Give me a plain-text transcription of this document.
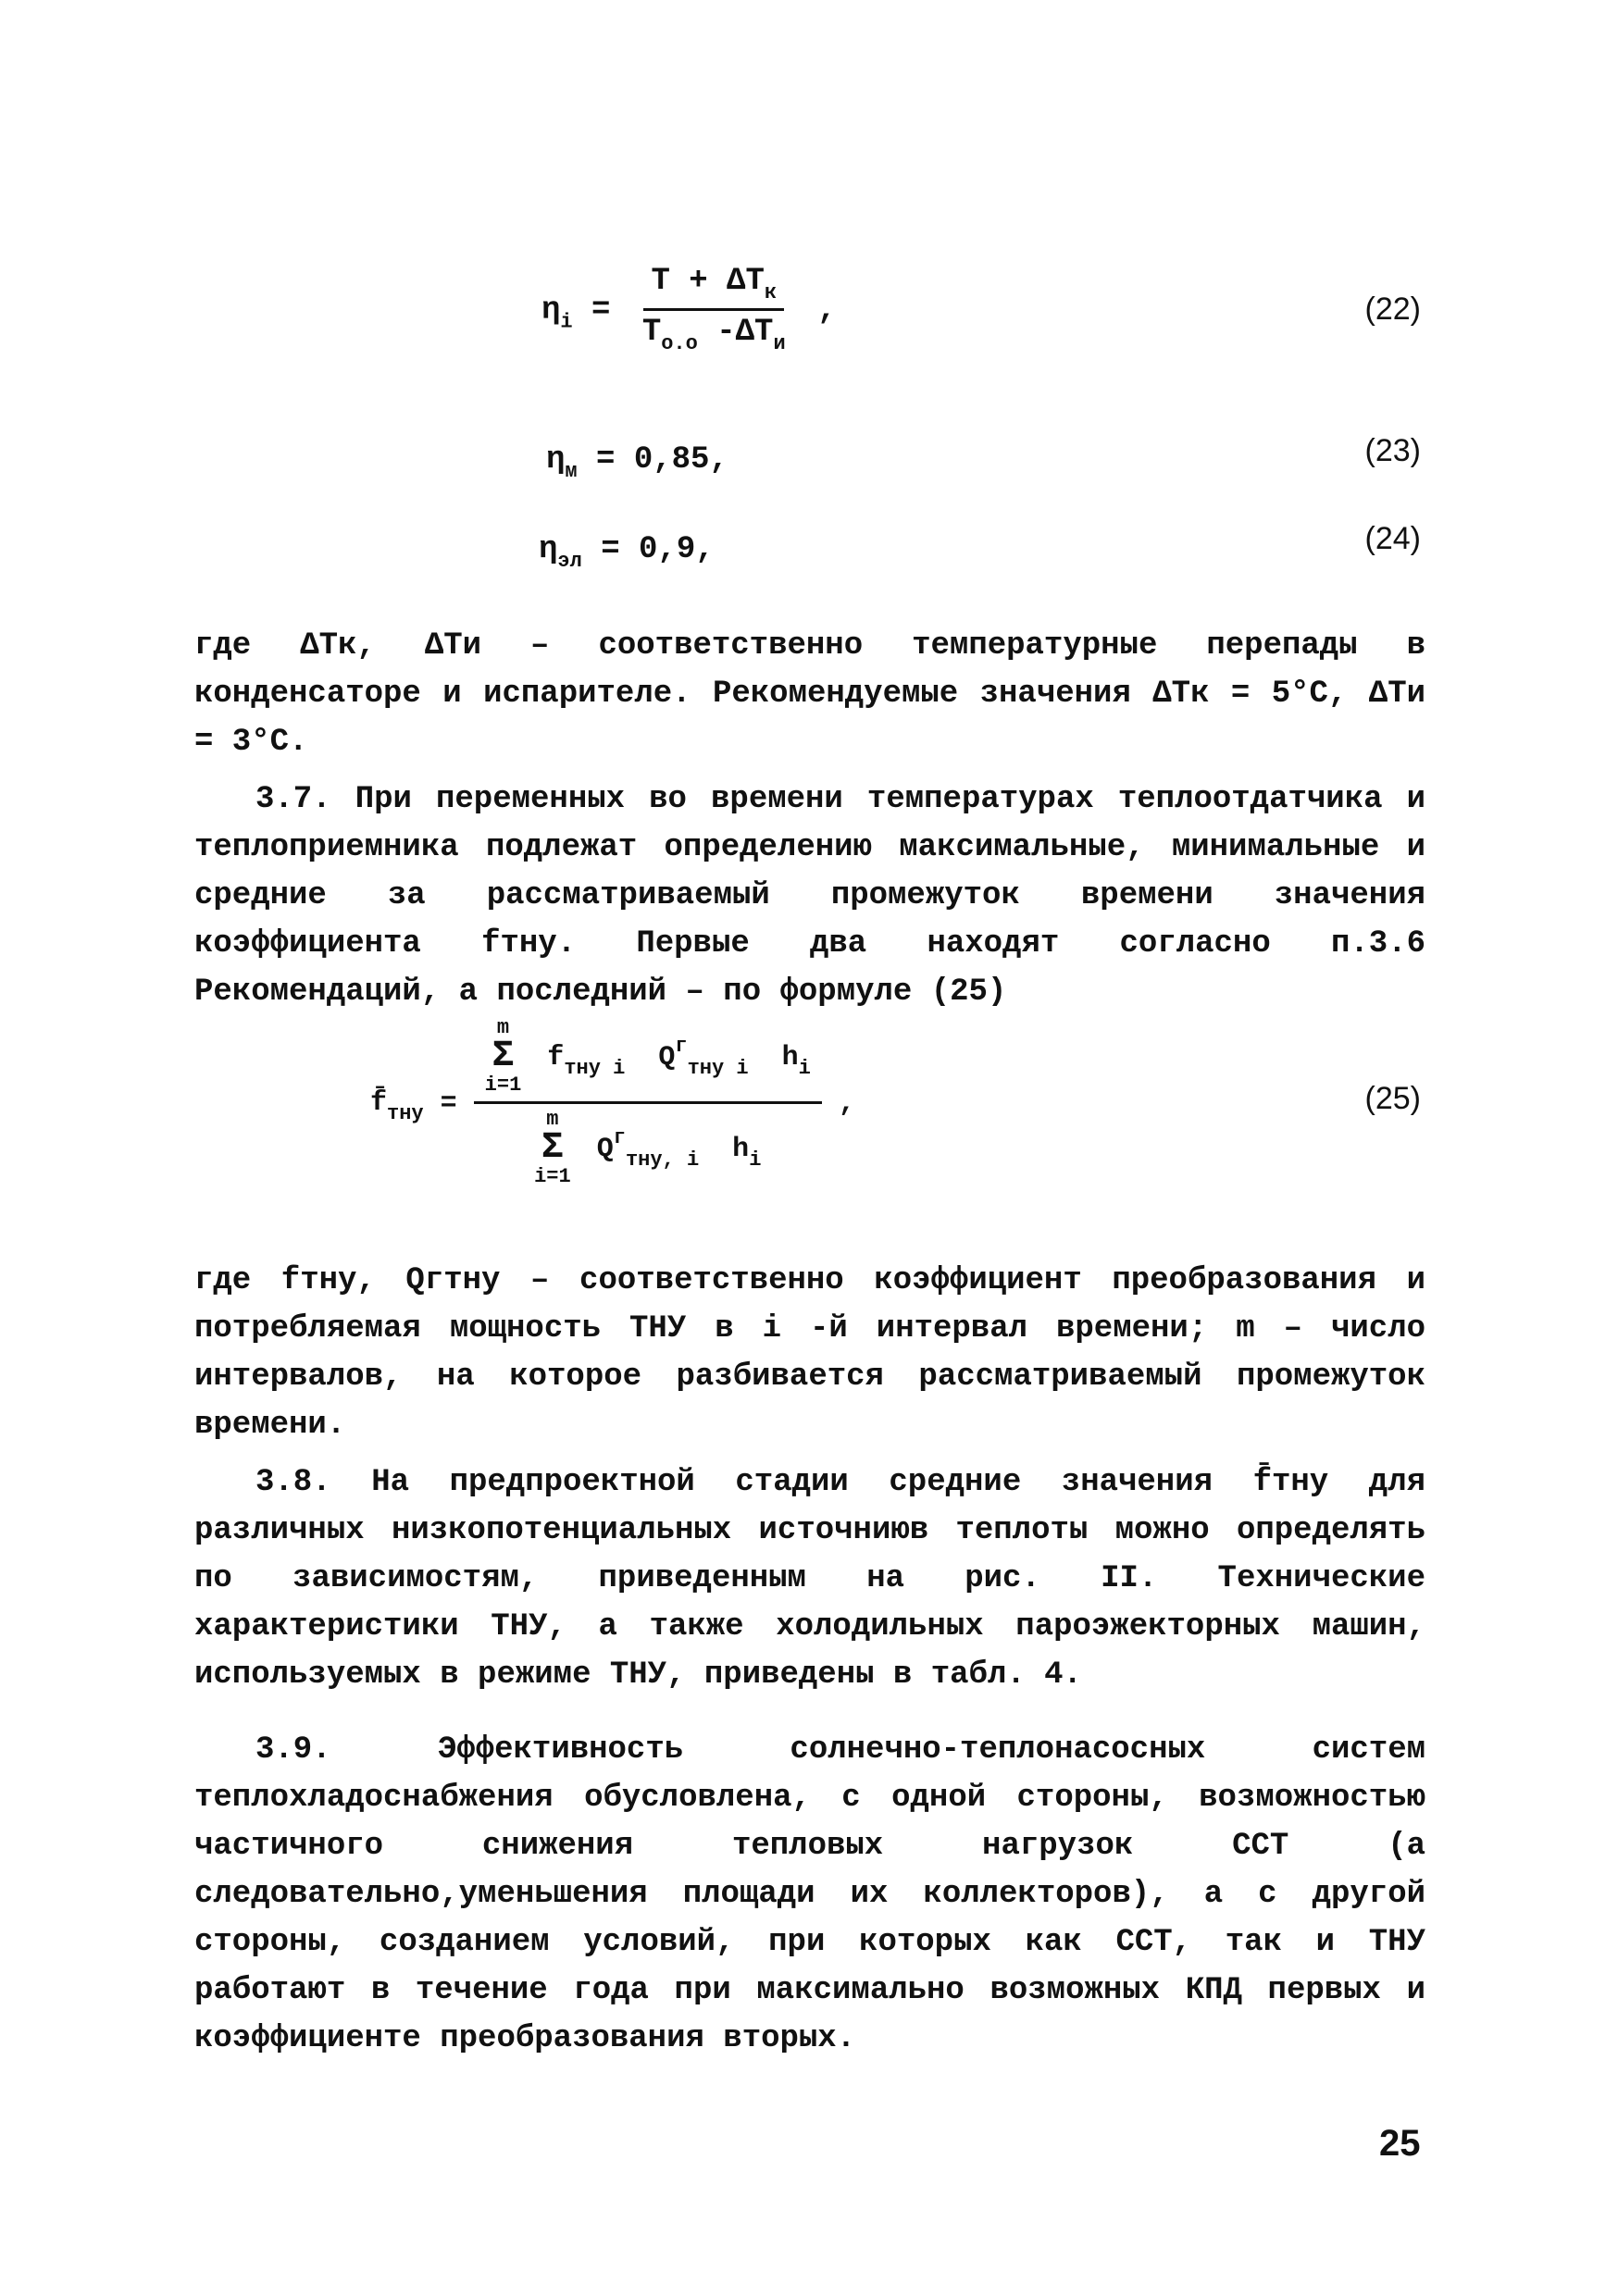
$\eta_i = \frac{T + \Delta T_к}{T_{о.о} -\Delta T_и}$ ,	(22)
$\eta_м = 0,85$,	(23)
$\eta_{эл} = 0,9$,	(24)
где ΔTк, ΔTи – соответственно температурные перепады в конденсаторе и испарителе. Рекомендуемые значения ΔTк = 5°C, ΔTи = 3°C.
3.7. При переменных во времени температурах теплоотдатчика и теплоприемника подлежат определению максимальные, минимальные и средние за рассматриваемый промежуток времени значения коэффициента fтну. Первые два находят согласно п.3.6 Рекомендаций, а последний – по формуле (25)
$f̄_{тну} = m$
Σ
i=1
$f_{тну i}$ $Q^г_{тну i}$ $h_i$
m
Σ
i=1
$Q^г_{тну, i}$ $h_i$ ,	(25)
где fтну, Qгтну – соответственно коэффициент преобразования и потребляемая мощность ТНУ в i -й интервал времени; m – число интервалов, на которое разбивается рассматриваемый промежуток времени.
3.8. На предпроектной стадии средние значения f̄тну для различных низкопотенциальных источниюв теплоты можно определять по зависимостям, приведенным на рис. II. Технические характеристики ТНУ, а также холодильных пароэжекторных машин, используемых в режиме ТНУ, приведены в табл. 4.
3.9. Эффективность солнечно-теплонасосных систем теплохладоснабжения обусловлена, с одной стороны, возможностью частичного снижения тепловых нагрузок ССТ (а следовательно,уменьшения площади их коллекторов), а с другой стороны, созданием условий, при которых как ССТ, так и ТНУ работают в течение года при максимально возможных КПД первых и коэффициенте преобразования вторых.
25
